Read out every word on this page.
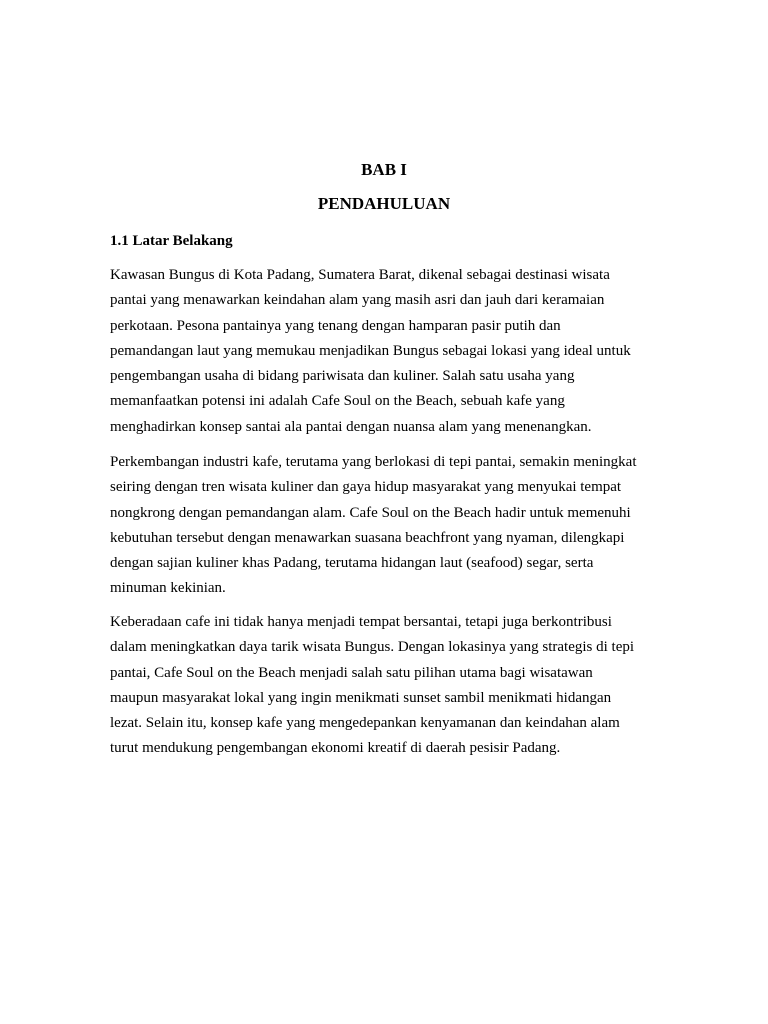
BAB I
PENDAHULUAN
1.1 Latar Belakang
Kawasan Bungus di Kota Padang, Sumatera Barat, dikenal sebagai destinasi wisata
pantai yang menawarkan keindahan alam yang masih asri dan jauh dari keramaian
perkotaan. Pesona pantainya yang tenang dengan hamparan pasir putih dan
pemandangan laut yang memukau menjadikan Bungus sebagai lokasi yang ideal untuk
pengembangan usaha di bidang pariwisata dan kuliner. Salah satu usaha yang
memanfaatkan potensi ini adalah Cafe Soul on the Beach, sebuah kafe yang
menghadirkan konsep santai ala pantai dengan nuansa alam yang menenangkan.
Perkembangan industri kafe, terutama yang berlokasi di tepi pantai, semakin meningkat
seiring dengan tren wisata kuliner dan gaya hidup masyarakat yang menyukai tempat
nongkrong dengan pemandangan alam. Cafe Soul on the Beach hadir untuk memenuhi
kebutuhan tersebut dengan menawarkan suasana beachfront yang nyaman, dilengkapi
dengan sajian kuliner khas Padang, terutama hidangan laut (seafood) segar, serta
minuman kekinian.
Keberadaan cafe ini tidak hanya menjadi tempat bersantai, tetapi juga berkontribusi
dalam meningkatkan daya tarik wisata Bungus. Dengan lokasinya yang strategis di tepi
pantai, Cafe Soul on the Beach menjadi salah satu pilihan utama bagi wisatawan
maupun masyarakat lokal yang ingin menikmati sunset sambil menikmati hidangan
lezat. Selain itu, konsep kafe yang mengedepankan kenyamanan dan keindahan alam
turut mendukung pengembangan ekonomi kreatif di daerah pesisir Padang.
